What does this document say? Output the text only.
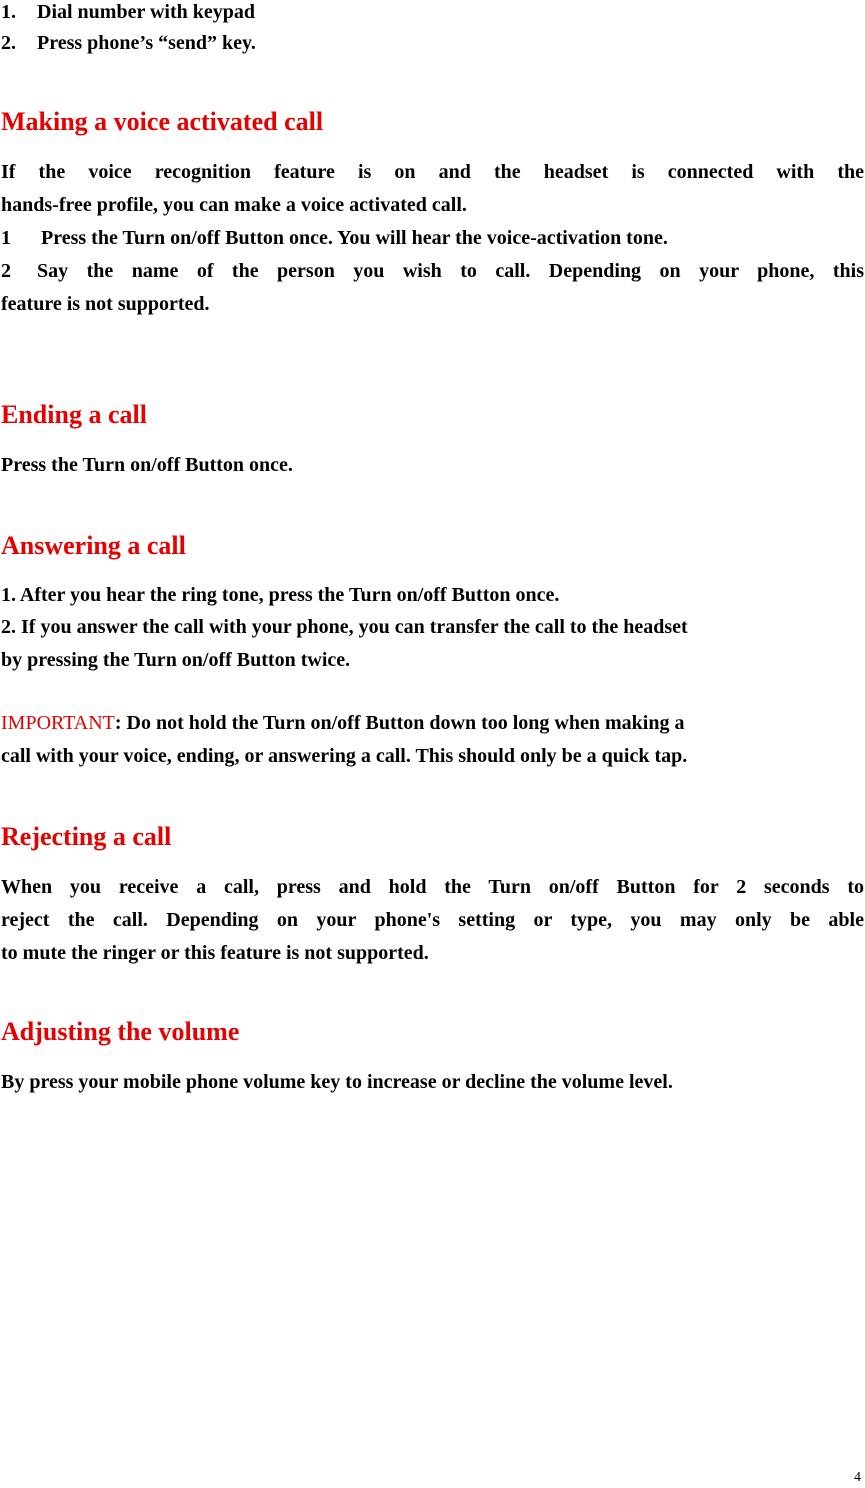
1. Dial number with keypad
2. Press phone’s “send” key.
Making a voice activated call
If the voice recognition feature is on and the headset is connected with the
hands-free profile, you can make a voice activated call.
1 Press the Turn on/off Button once. You will hear the voice-activation tone.
2 Say the name of the person you wish to call. Depending on your phone, this
feature is not supported.
Ending a call
Press the Turn on/off Button once.
Answering a call
1. After you hear the ring tone, press the Turn on/off Button once.
2. If you answer the call with your phone, you can transfer the call to the headset
by pressing the Turn on/off Button twice.
IMPORTANT: Do not hold the Turn on/off Button down too long when making a
call with your voice, ending, or answering a call. This should only be a quick tap.
Rejecting a call
When you receive a call, press and hold the Turn on/off Button for 2 seconds to
reject the call. Depending on your phone's setting or type, you may only be able
to mute the ringer or this feature is not supported.
Adjusting the volume
By press your mobile phone volume key to increase or decline the volume level.
4
